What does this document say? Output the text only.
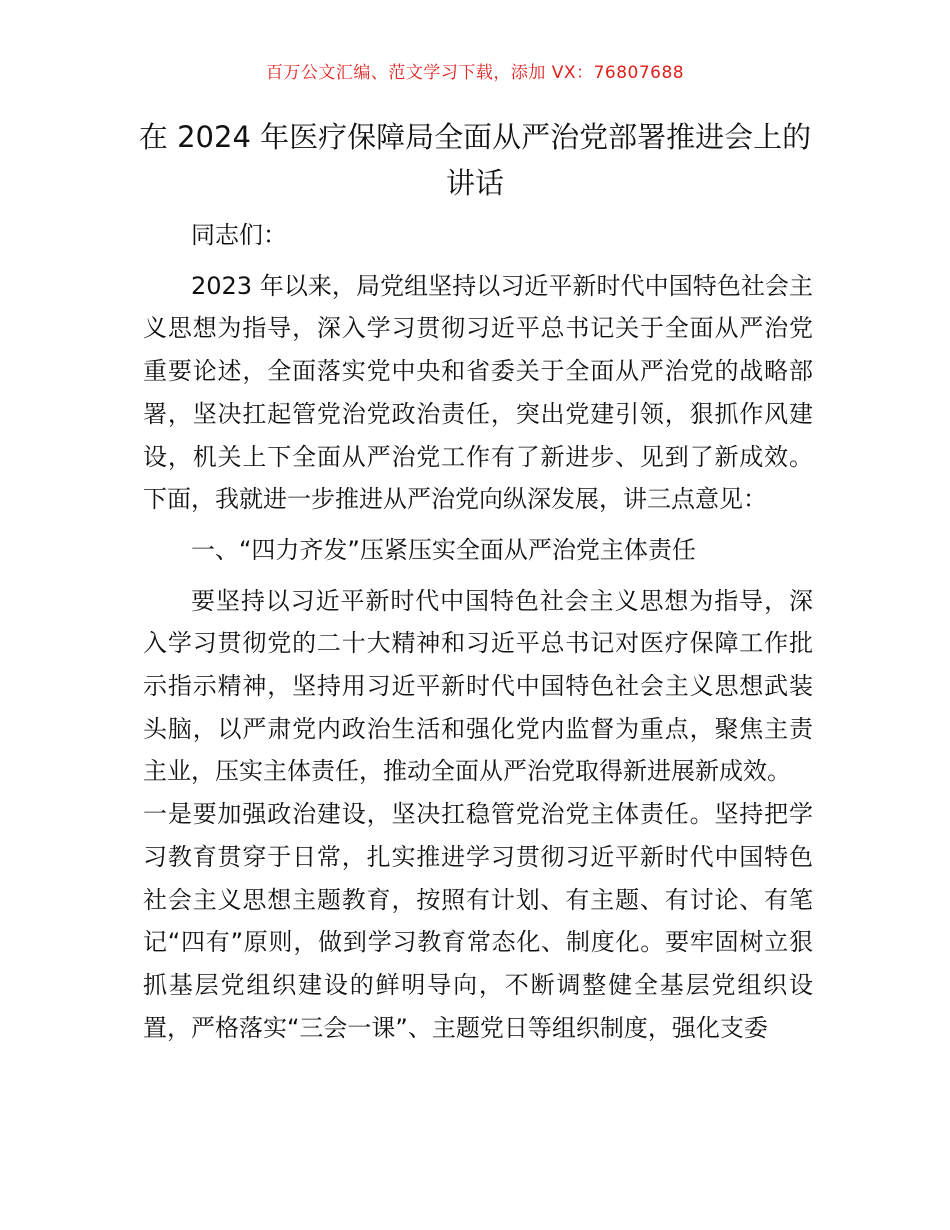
百万公文汇编、范文学习下载，添加 VX：76807688
在 2024 年医疗保障局全面从严治党部署推进会上的讲话

同志们：

2023 年以来，局党组坚持以习近平新时代中国特色社会主义思想为指导，深入学习贯彻习近平总书记关于全面从严治党重要论述，全面落实党中央和省委关于全面从严治党的战略部署，坚决扛起管党治党政治责任，突出党建引领，狠抓作风建设，机关上下全面从严治党工作有了新进步、见到了新成效。下面，我就进一步推进从严治党向纵深发展，讲三点意见：

一、“四力齐发”压紧压实全面从严治党主体责任

要坚持以习近平新时代中国特色社会主义思想为指导，深入学习贯彻党的二十大精神和习近平总书记对医疗保障工作批示指示精神，坚持用习近平新时代中国特色社会主义思想武装头脑，以严肃党内政治生活和强化党内监督为重点，聚焦主责主业，压实主体责任，推动全面从严治党取得新进展新成效。

一是要加强政治建设，坚决扛稳管党治党主体责任。坚持把学习教育贯穿于日常，扎实推进学习贯彻习近平新时代中国特色社会主义思想主题教育，按照有计划、有主题、有讨论、有笔记“四有”原则，做到学习教育常态化、制度化。要牢固树立狠抓基层党组织建设的鲜明导向，不断调整健全基层党组织设置，严格落实“三会一课”、主题党日等组织制度，强化支委
